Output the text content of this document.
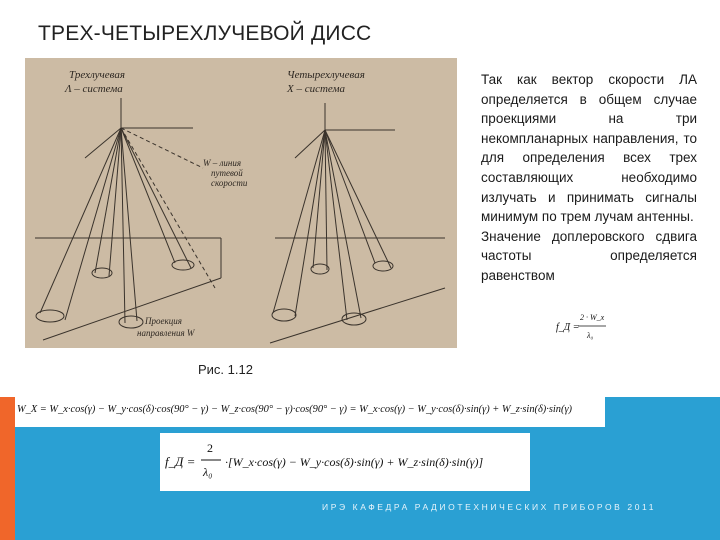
ТРЕХ-ЧЕТЫРЕХЛУЧЕВОЙ ДИСС
Трехлучевая
Λ – система
Четырехлучевая
Х – система
W – линия
путевой
скорости
Проекция
направления W

Так как вектор скорости ЛА определяется в общем случае проекциями на три некомпланарных направления, то для определения всех трех составляющих необходимо излучать и принимать сигналы минимум по трем лучам антенны.

Значение доплеровского сдвига частоты определяется равенством

f_Д =
2 · W_x
λ₀
Рис. 1.12
W_X = W_x·cos(γ) − W_y·cos(δ)·cos(90° − γ) − W_z·cos(90° − γ)·cos(90° − γ) = W_x·cos(γ) − W_y·cos(δ)·sin(γ) + W_z·sin(δ)·sin(γ)
f_Д =
2
λ₀
·[W_x·cos(γ) − W_y·cos(δ)·sin(γ) + W_z·sin(δ)·sin(γ)]
ИРЭ КАФЕДРА РАДИОТЕХНИЧЕСКИХ ПРИБОРОВ 2011
